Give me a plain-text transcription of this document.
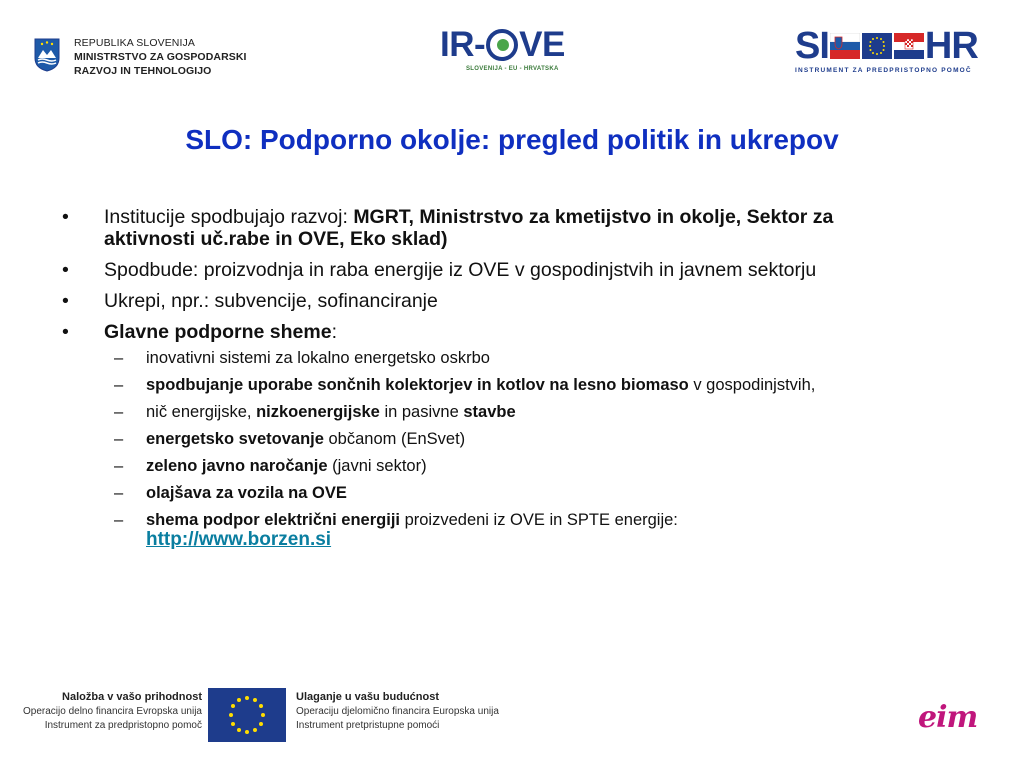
REPUBLIKA SLOVENIJA
MINISTRSTVO ZA GOSPODARSKI
RAZVOJ IN TEHNOLOGIJO
IR- VE
SLOVENIJA - EU - HRVATSKA
SI	HR
INSTRUMENT ZA PREDPRISTOPNO POMOČ
SLO: Podporno okolje: pregled politik in ukrepov
•	Institucije spodbujajo razvoj: MGRT, Ministrstvo za kmetijstvo in okolje, Sektor za aktivnosti uč.rabe in OVE, Eko sklad)
•	Spodbude: proizvodnja in raba energije iz OVE v gospodinjstvih in javnem sektorju
•	Ukrepi, npr.: subvencije, sofinanciranje
•	Glavne podporne sheme:
–	inovativni sistemi za lokalno energetsko oskrbo
–	spodbujanje uporabe sončnih kolektorjev in kotlov na lesno biomaso v gospodinjstvih,
–	nič energijske, nizkoenergijske in pasivne stavbe
–	energetsko svetovanje občanom (EnSvet)
–	zeleno javno naročanje (javni sektor)
–	olajšava za vozila na OVE
–	shema podpor električni energiji proizvedeni iz OVE in SPTE energije:
http://www.borzen.si
Naložba v vašo prihodnost
Operacijo delno financira Evropska unija
Instrument za predpristopno pomoč
Ulaganje u vašu budućnost
Operaciju djelomično financira Europska unija
Instrument pretpristupne pomoći	eim
